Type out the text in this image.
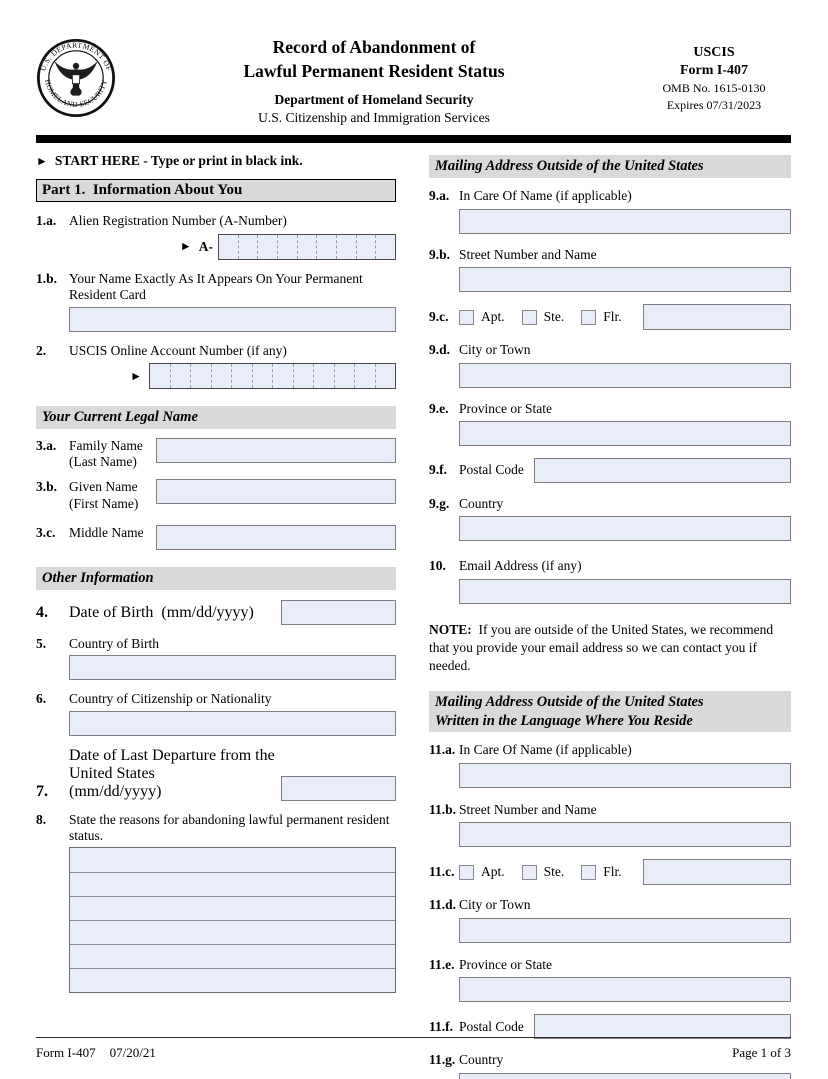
U.S. DEPARTMENT OF
HOMELAND SECURITY
Record of Abandonment of
Lawful Permanent Resident Status
Department of Homeland Security
U.S. Citizenship and Immigration Services
USCIS
Form I-407
OMB No. 1615-0130
Expires 07/31/2023
► START HERE - Type or print in black ink.
Part 1.  Information About You
1.a. Alien Registration Number (A-Number)
► A-
1.b. Your Name Exactly As It Appears On Your Permanent Resident Card
2.	USCIS Online Account Number (if any)
►
Your Current Legal Name
3.a. Family Name
(Last Name)
3.b. Given Name
(First Name)
3.c.	Middle Name
Other Information
4.	Date of Birth  (mm/dd/yyyy)
5.	Country of Birth
6.	Country of Citizenship or Nationality
7.
Date of Last Departure from the United States
(mm/dd/yyyy)
8.	State the reasons for abandoning lawful permanent resident status.
Mailing Address Outside of the United States
9.a. In Care Of Name (if applicable)
9.b. Street Number and Name
9.c.	Apt.	Ste.	Flr.
9.d. City or Town
9.e. Province or State
9.f. Postal Code
9.g. Country
10. Email Address (if any)
NOTE:  If you are outside of the United States, we recommend that you provide your email address so we can contact you if needed.
Mailing Address Outside of the United States
Written in the Language Where You Reside
11.a. In Care Of Name (if applicable)
11.b. Street Number and Name
11.c.	Apt.	Ste.	Flr.
11.d. City or Town
11.e. Province or State
11.f. Postal Code
11.g. Country
Form I-407 07/20/21	Page 1 of 3
